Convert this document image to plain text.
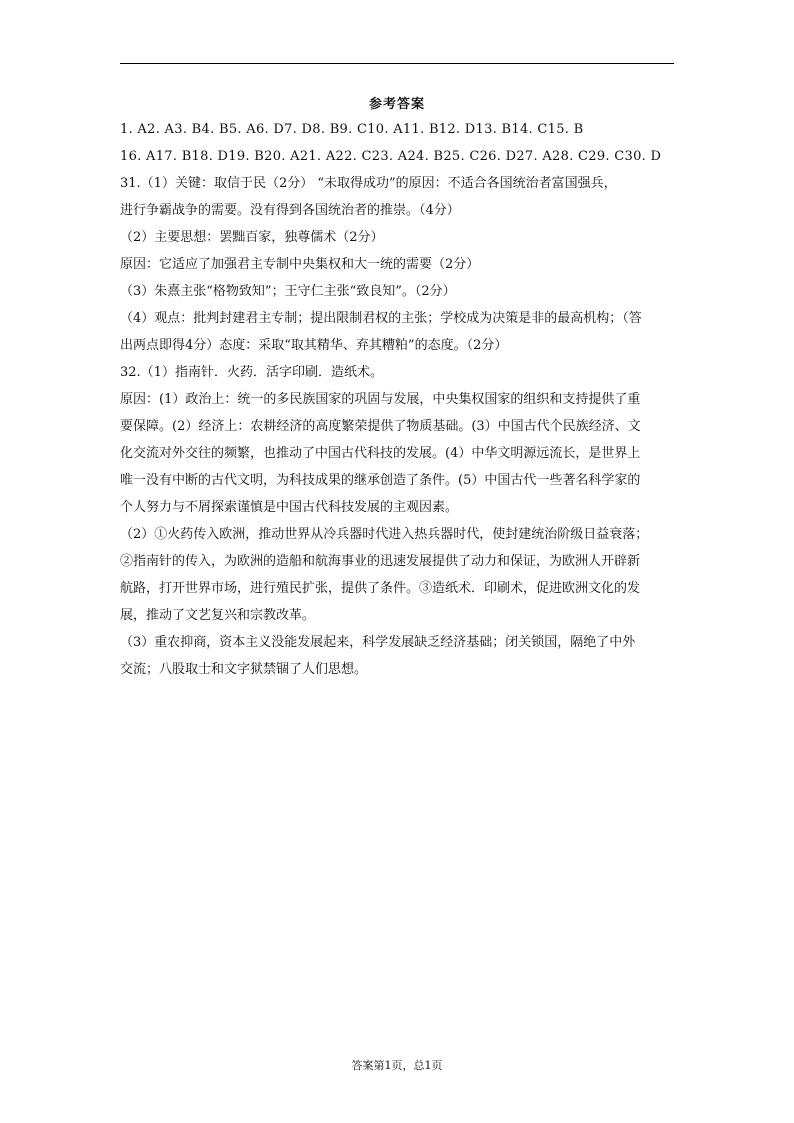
参考答案
1. A2. A3. B4. B5. A6. D7. D8. B9. C10. A11. B12. D13. B14. C15. B
16. A17. B18. D19. B20. A21. A22. C23. A24. B25. C26. D27. A28. C29. C30. D
31.（1）关键：取信于民（2分） “未取得成功”的原因：不适合各国统治者富国强兵，
进行争霸战争的需要。没有得到各国统治者的推崇。（4分）
（2）主要思想：罢黜百家，独尊儒术（2分）
原因：它适应了加强君主专制中央集权和大一统的需要（2分）
（3）朱熹主张“格物致知”；王守仁主张“致良知”。（2分）
（4）观点：批判封建君主专制；提出限制君权的主张；学校成为决策是非的最高机构；（答
出两点即得4分）态度：采取“取其精华、弃其糟粕”的态度。（2分）
32.（1）指南针．火药．活字印刷．造纸术。
原因：(1）政治上：统一的多民族国家的巩固与发展，中央集权国家的组织和支持提供了重
要保障。(2）经济上：农耕经济的高度繁荣提供了物质基础。(3）中国古代个民族经济、文
化交流对外交往的频繁，也推动了中国古代科技的发展。(4）中华文明源远流长，是世界上
唯一没有中断的古代文明，为科技成果的继承创造了条件。(5）中国古代一些著名科学家的
个人努力与不屑探索谨慎是中国古代科技发展的主观因素。
（2）①火药传入欧洲，推动世界从冷兵器时代进入热兵器时代，使封建统治阶级日益衰落；
②指南针的传入，为欧洲的造船和航海事业的迅速发展提供了动力和保证，为欧洲人开辟新
航路，打开世界市场，进行殖民扩张，提供了条件。③造纸术．印刷术，促进欧洲文化的发
展，推动了文艺复兴和宗教改革。
（3）重农抑商，资本主义没能发展起来，科学发展缺乏经济基础；闭关锁国，隔绝了中外
交流；八股取士和文字狱禁锢了人们思想。
答案第1页，总1页
